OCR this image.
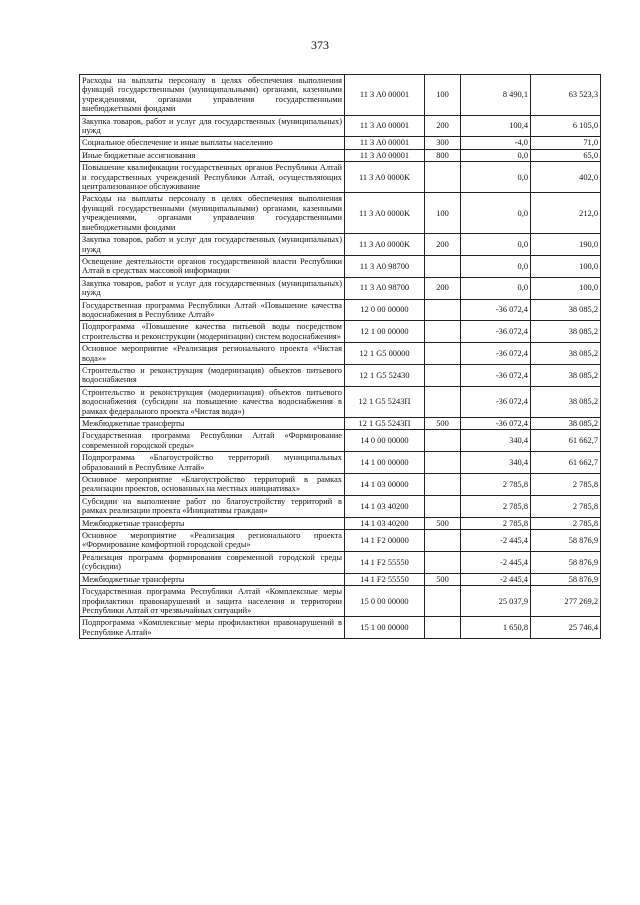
373
Расходы на выплаты персоналу в целях обеспечения выполнения функций государственными (муниципальными) органами, казенными учреждениями, органами управления государственными внебюджетными фондами	11 3 A0 00001	100	8 490,1	63 523,3
Закупка товаров, работ и услуг для государственных (муниципальных) нужд	11 3 A0 00001	200	100,4	6 105,0
Социальное обеспечение и иные выплаты населению	11 3 A0 00001	300	-4,0	71,0
Иные бюджетные ассигнования	11 3 A0 00001	800	0,0	65,0
Повышение квалификации государственных органов Республики Алтай и государственных учреждений Республики Алтай, осуществляющих централизованное обслуживание	11 3 A0 0000K		0,0	402,0
Расходы на выплаты персоналу в целях обеспечения выполнения функций государственными (муниципальными) органами, казенными учреждениями, органами управления государственными внебюджетными фондами	11 3 A0 0000K	100	0,0	212,0
Закупка товаров, работ и услуг для государственных (муниципальных) нужд	11 3 A0 0000K	200	0,0	190,0
Освещение деятельности органов государственной власти Республики Алтай в средствах массовой информации	11 3 A0 98700		0,0	100,0
Закупка товаров, работ и услуг для государственных (муниципальных) нужд	11 3 A0 98700	200	0,0	100,0
Государственная программа Республики Алтай «Повышение качества водоснабжения в Республике Алтай»	12 0 00 00000		-36 072,4	38 085,2
Подпрограмма «Повышение качества питьевой воды посредством строительства и реконструкции (модернизации) систем водоснабжения»	12 1 00 00000		-36 072,4	38 085,2
Основное мероприятие «Реализация регионального проекта «Чистая вода»»	12 1 G5 00000		-36 072,4	38 085,2
Строительство и реконструкция (модернизация) объектов питьевого водоснабжения	12 1 G5 52430		-36 072,4	38 085,2
Строительство и реконструкция (модернизация) объектов питьевого водоснабжения (субсидии на повышение качества водоснабжения в рамках федерального проекта «Чистая вода»)	12 1 G5 5243П		-36 072,4	38 085,2
Межбюджетные трансферты	12 1 G5 5243П	500	-36 072,4	38 085,2
Государственная программа Республики Алтай «Формирование современной городской среды»	14 0 00 00000		340,4	61 662,7
Подпрограмма «Благоустройство территорий муниципальных образований в Республике Алтай»	14 1 00 00000		340,4	61 662,7
Основное мероприятие «Благоустройство территорий в рамках реализации проектов, основанных на местных инициативах»	14 1 03 00000		2 785,8	2 785,8
Субсидии на выполнение работ по благоустройству территорий в рамках реализации проекта «Инициативы граждан»	14 1 03 40200		2 785,8	2 785,8
Межбюджетные трансферты	14 1 03 40200	500	2 785,8	2 785,8
Основное мероприятие «Реализация регионального проекта «Формирование комфортной городской среды»	14 1 F2 00000		-2 445,4	58 876,9
Реализация программ формирования современной городской среды (субсидии)	14 1 F2 55550		-2 445,4	58 876,9
Межбюджетные трансферты	14 1 F2 55550	500	-2 445,4	58 876,9
Государственная программа Республики Алтай «Комплексные меры профилактики правонарушений и защита населения и территории Республики Алтай от чрезвычайных ситуаций»	15 0 00 00000		25 037,9	277 269,2
Подпрограмма «Комплексные меры профилактики правонарушений в Республике Алтай»	15 1 00 00000		1 650,8	25 746,4
